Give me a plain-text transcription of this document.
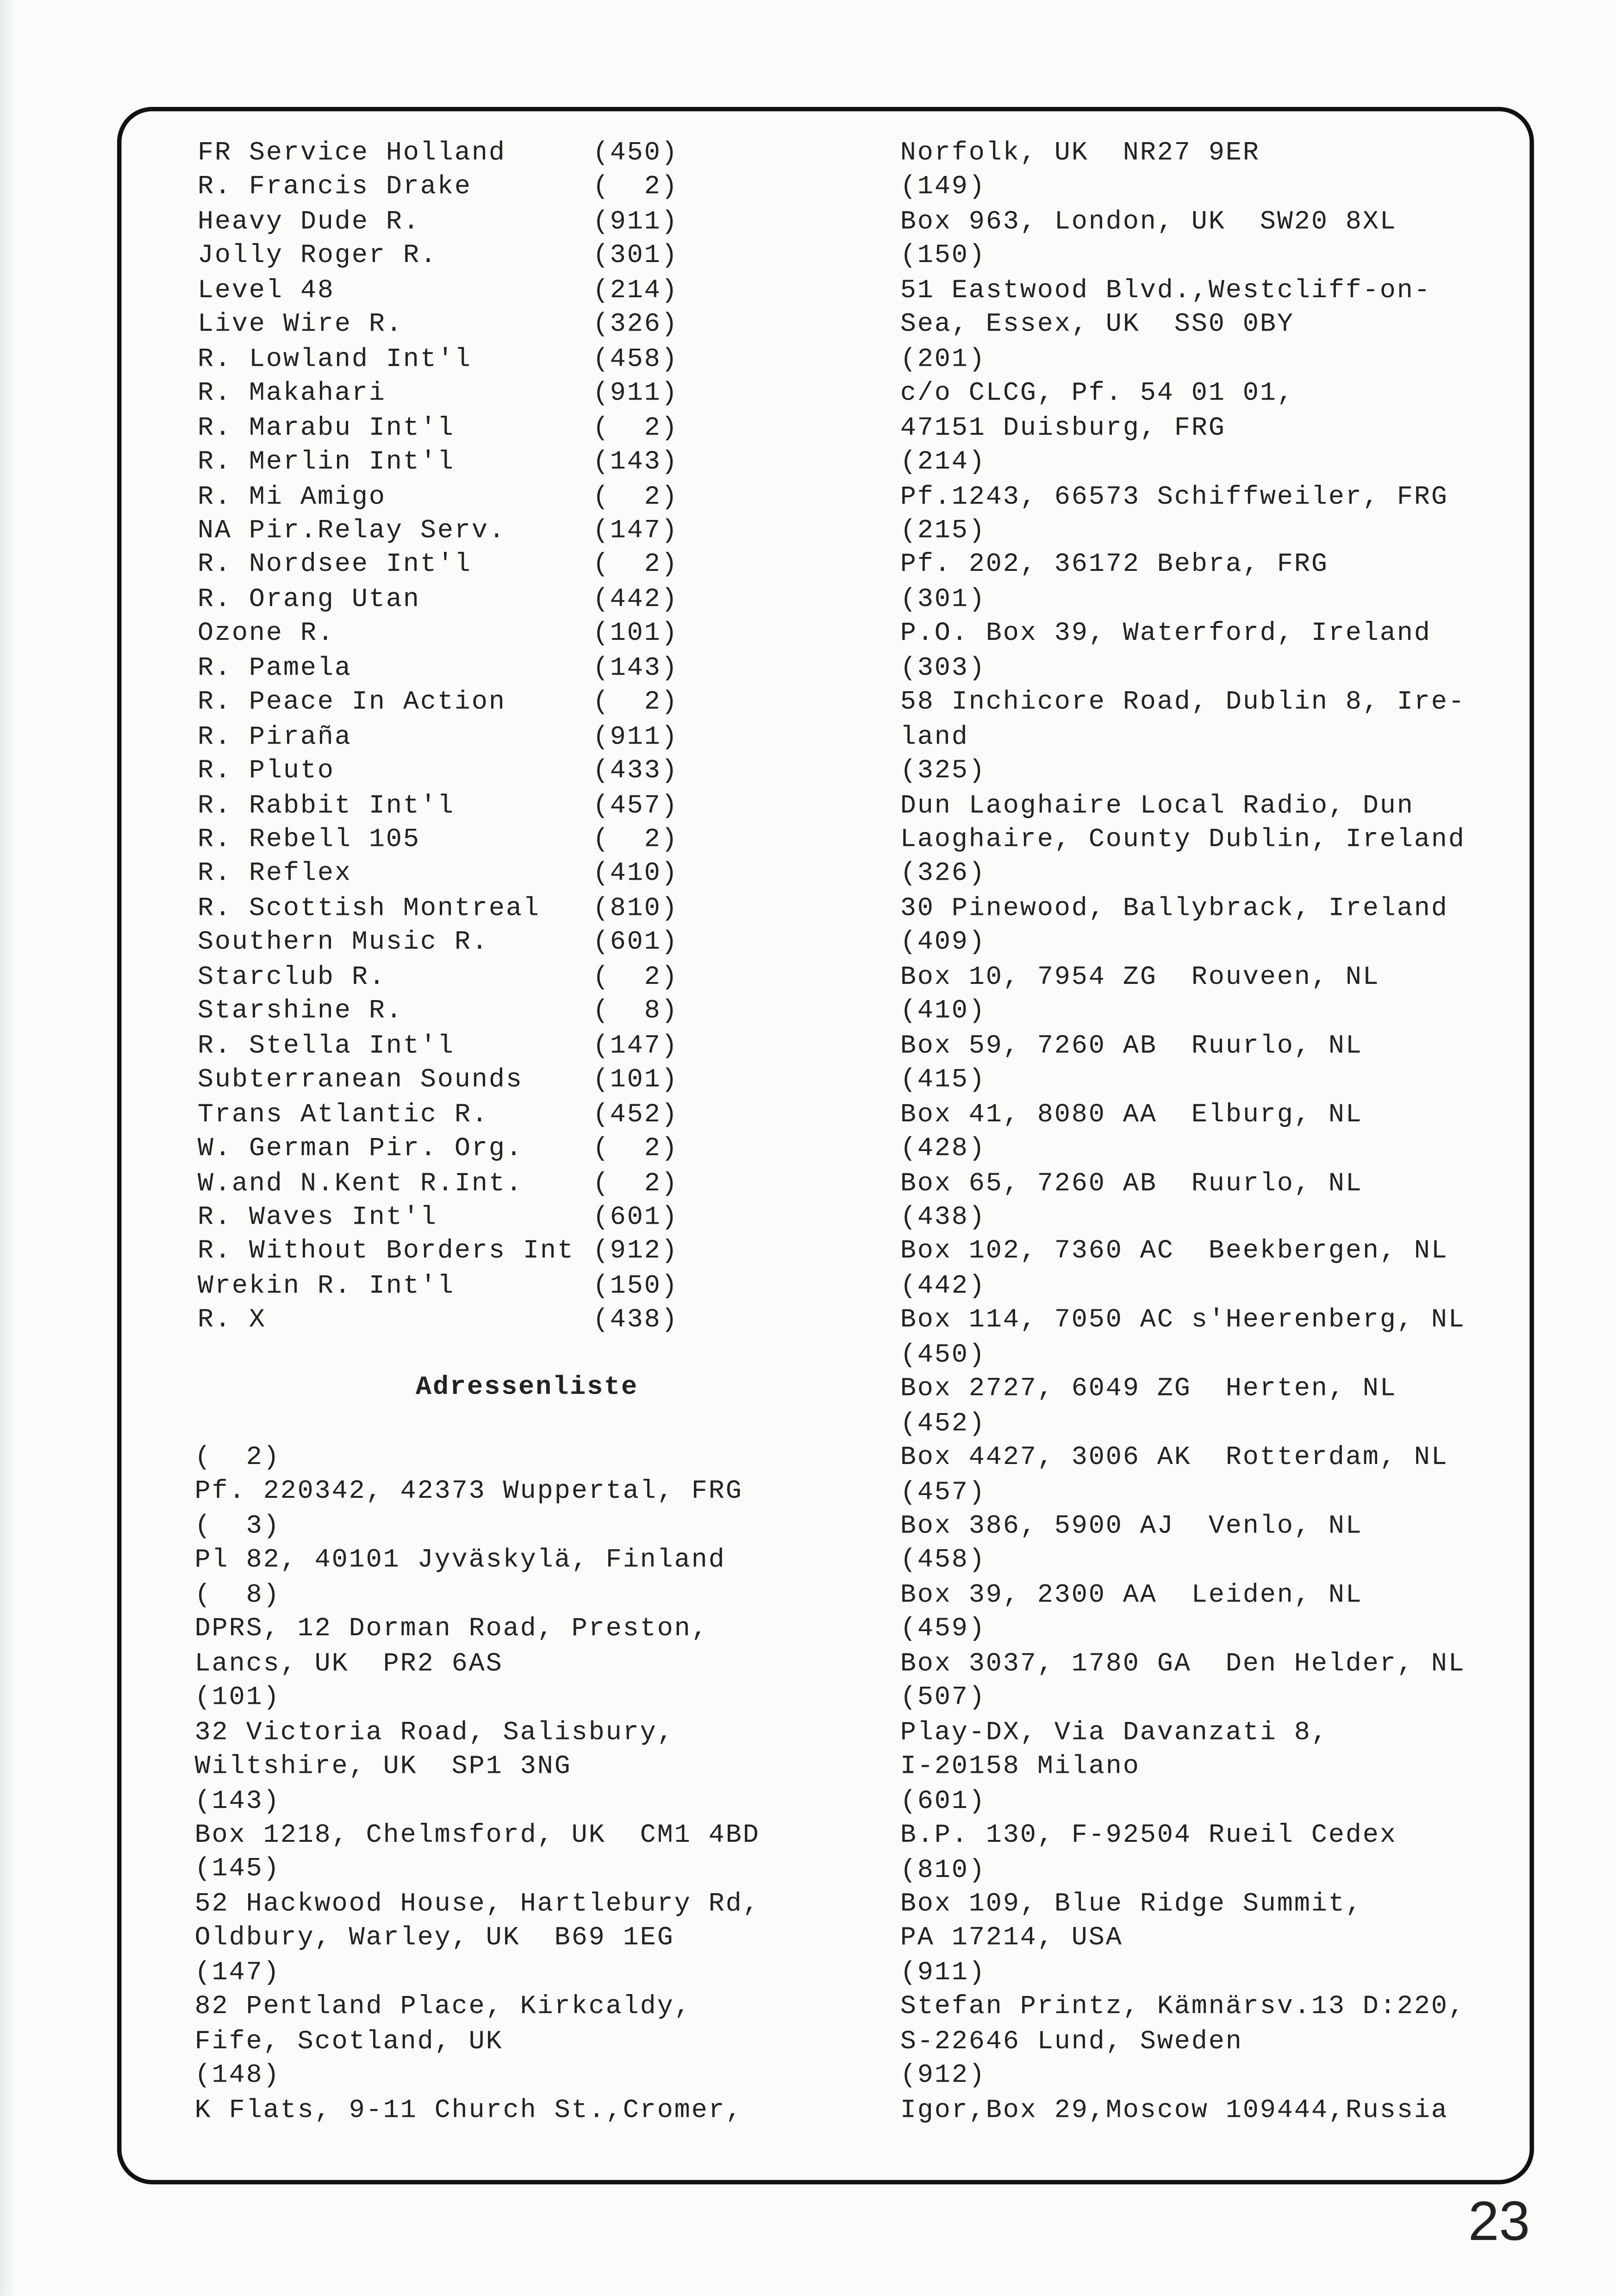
FR Service Holland	(450)
R. Francis Drake	(  2)
Heavy Dude R.	(911)
Jolly Roger R.	(301)
Level 48	(214)
Live Wire R.	(326)
R. Lowland Int'l	(458)
R. Makahari	(911)
R. Marabu Int'l	(  2)
R. Merlin Int'l	(143)
R. Mi Amigo	(  2)
NA Pir.Relay Serv.	(147)
R. Nordsee Int'l	(  2)
R. Orang Utan	(442)
Ozone R.	(101)
R. Pamela	(143)
R. Peace In Action	(  2)
R. Piraña	(911)
R. Pluto	(433)
R. Rabbit Int'l	(457)
R. Rebell 105	(  2)
R. Reflex	(410)
R. Scottish Montreal	(810)
Southern Music R.	(601)
Starclub R.	(  2)
Starshine R.	(  8)
R. Stella Int'l	(147)
Subterranean Sounds	(101)
Trans Atlantic R.	(452)
W. German Pir. Org.	(  2)
W.and N.Kent R.Int.	(  2)
R. Waves Int'l	(601)
R. Without Borders Int (912)
Wrekin R. Int'l	(150)
R. X	(438)
Adressenliste
(  2)
Pf. 220342, 42373 Wuppertal, FRG
(  3)
Pl 82, 40101 Jyväskylä, Finland
(  8)
DPRS, 12 Dorman Road, Preston,
Lancs, UK  PR2 6AS
(101)
32 Victoria Road, Salisbury,
Wiltshire, UK  SP1 3NG
(143)
Box 1218, Chelmsford, UK  CM1 4BD
(145)
52 Hackwood House, Hartlebury Rd,
Oldbury, Warley, UK  B69 1EG
(147)
82 Pentland Place, Kirkcaldy,
Fife, Scotland, UK
(148)
K Flats, 9-11 Church St.,Cromer,
Norfolk, UK  NR27 9ER
(149)
Box 963, London, UK  SW20 8XL
(150)
51 Eastwood Blvd.,Westcliff-on-
Sea, Essex, UK  SS0 0BY
(201)
c/o CLCG, Pf. 54 01 01,
47151 Duisburg, FRG
(214)
Pf.1243, 66573 Schiffweiler, FRG
(215)
Pf. 202, 36172 Bebra, FRG
(301)
P.O. Box 39, Waterford, Ireland
(303)
58 Inchicore Road, Dublin 8, Ire-
land
(325)
Dun Laoghaire Local Radio, Dun
Laoghaire, County Dublin, Ireland
(326)
30 Pinewood, Ballybrack, Ireland
(409)
Box 10, 7954 ZG  Rouveen, NL
(410)
Box 59, 7260 AB  Ruurlo, NL
(415)
Box 41, 8080 AA  Elburg, NL
(428)
Box 65, 7260 AB  Ruurlo, NL
(438)
Box 102, 7360 AC  Beekbergen, NL
(442)
Box 114, 7050 AC s'Heerenberg, NL
(450)
Box 2727, 6049 ZG  Herten, NL
(452)
Box 4427, 3006 AK  Rotterdam, NL
(457)
Box 386, 5900 AJ  Venlo, NL
(458)
Box 39, 2300 AA  Leiden, NL
(459)
Box 3037, 1780 GA  Den Helder, NL
(507)
Play-DX, Via Davanzati 8,
I-20158 Milano
(601)
B.P. 130, F-92504 Rueil Cedex
(810)
Box 109, Blue Ridge Summit,
PA 17214, USA
(911)
Stefan Printz, Kämnärsv.13 D:220,
S-22646 Lund, Sweden
(912)
Igor,Box 29,Moscow 109444,Russia
23
